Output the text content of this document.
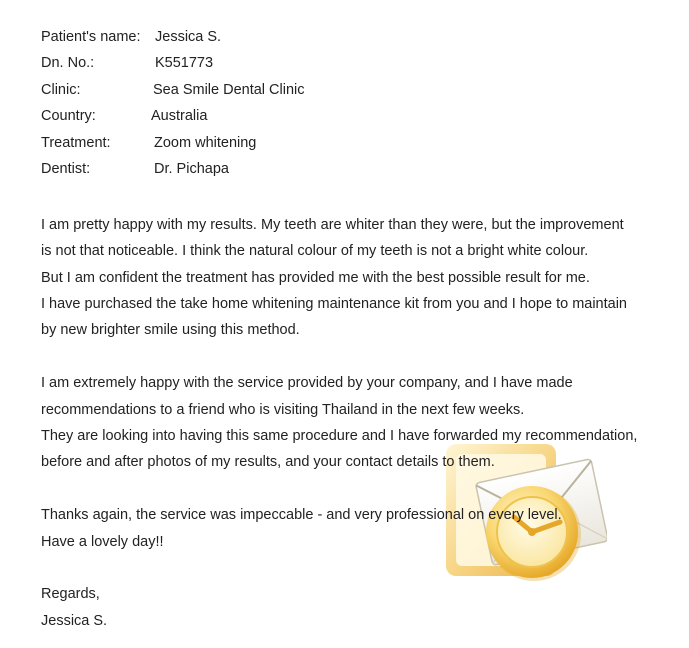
Patient's name: Jessica S.
Dn. No.:	K551773
Clinic:	Sea Smile Dental Clinic
Country:	Australia
Treatment:	Zoom whitening
Dentist:	Dr. Pichapa

I am pretty happy with my results. My teeth are whiter than they were, but the improvement
is not that noticeable. I think the natural colour of my teeth is not a bright white colour.
But I am confident the treatment has provided me with the best possible result for me.
I have purchased the take home whitening maintenance kit from you and I hope to maintain
by new brighter smile using this method.

I am extremely happy with the service provided by your company, and I have made
recommendations to a friend who is visiting Thailand in the next few weeks.
They are looking into having this same procedure and I have forwarded my recommendation,
before and after photos of my results, and your contact details to them.

Thanks again, the service was impeccable - and very professional on every level.
Have a lovely day!!

Regards,
Jessica S.
